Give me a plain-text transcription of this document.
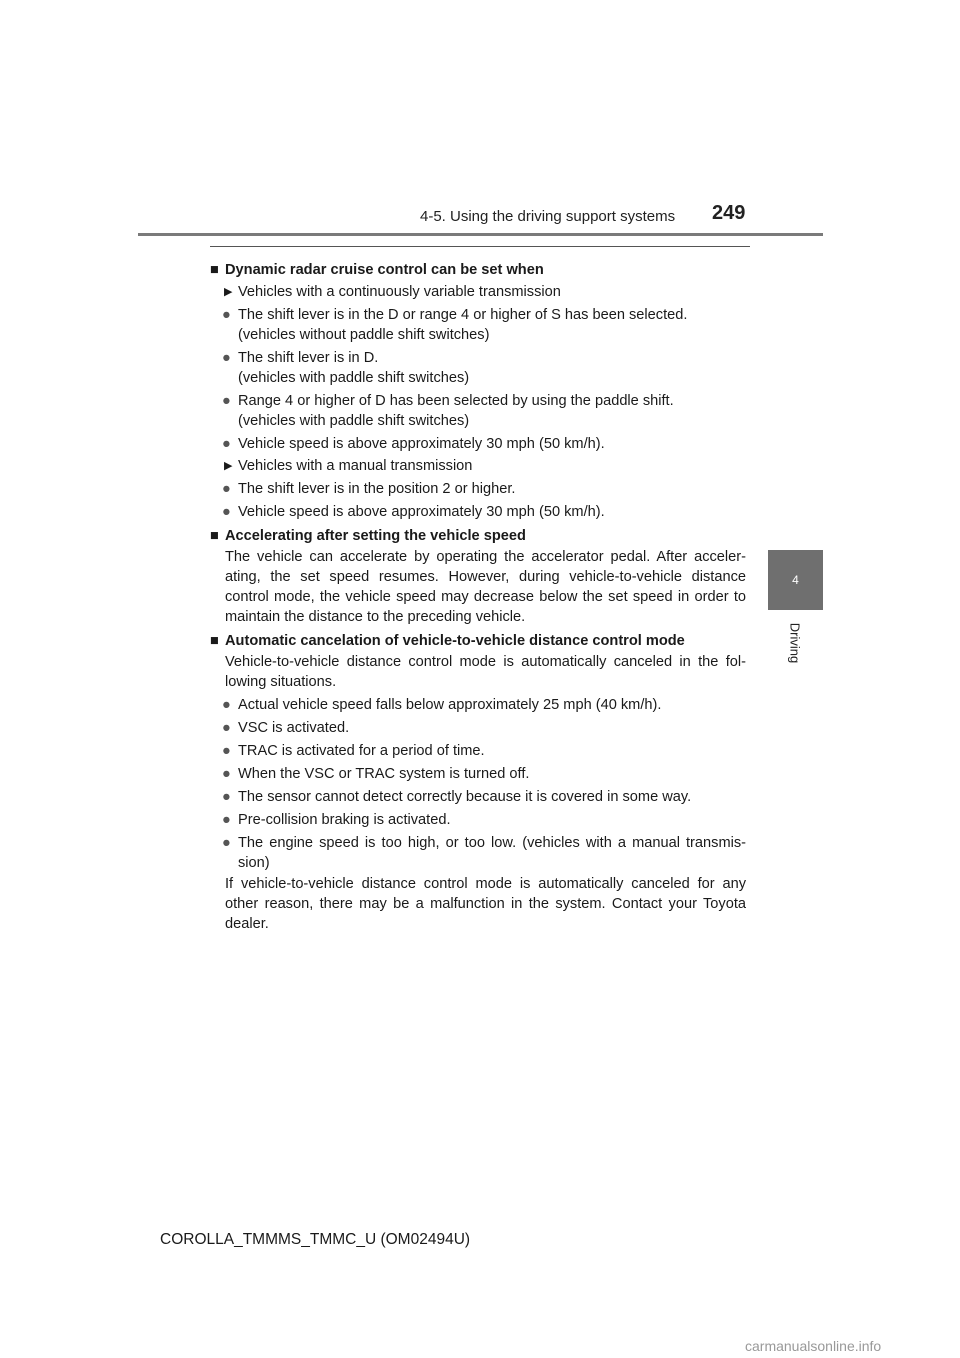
4-5. Using the driving support systems 249
4
Driving
■ Dynamic radar cruise control can be set when
▶ Vehicles with a continuously variable transmission
● The shift lever is in the D or range 4 or higher of S has been selected.
(vehicles without paddle shift switches)
● The shift lever is in D.
(vehicles with paddle shift switches)
● Range 4 or higher of D has been selected by using the paddle shift.
(vehicles with paddle shift switches)
● Vehicle speed is above approximately 30 mph (50 km/h).
▶ Vehicles with a manual transmission
● The shift lever is in the position 2 or higher.
● Vehicle speed is above approximately 30 mph (50 km/h).
■ Accelerating after setting the vehicle speed
The vehicle can accelerate by operating the accelerator pedal. After acceler-ating, the set speed resumes. However, during vehicle-to-vehicle distance control mode, the vehicle speed may decrease below the set speed in order to maintain the distance to the preceding vehicle.
■ Automatic cancelation of vehicle-to-vehicle distance control mode
Vehicle-to-vehicle distance control mode is automatically canceled in the fol-lowing situations.
● Actual vehicle speed falls below approximately 25 mph (40 km/h).
● VSC is activated.
● TRAC is activated for a period of time.
● When the VSC or TRAC system is turned off.
● The sensor cannot detect correctly because it is covered in some way.
● Pre-collision braking is activated.
● The engine speed is too high, or too low. (vehicles with a manual transmis-sion)
If vehicle-to-vehicle distance control mode is automatically canceled for any other reason, there may be a malfunction in the system. Contact your Toyota dealer.
COROLLA_TMMMS_TMMC_U (OM02494U)
carmanualsonline.info
